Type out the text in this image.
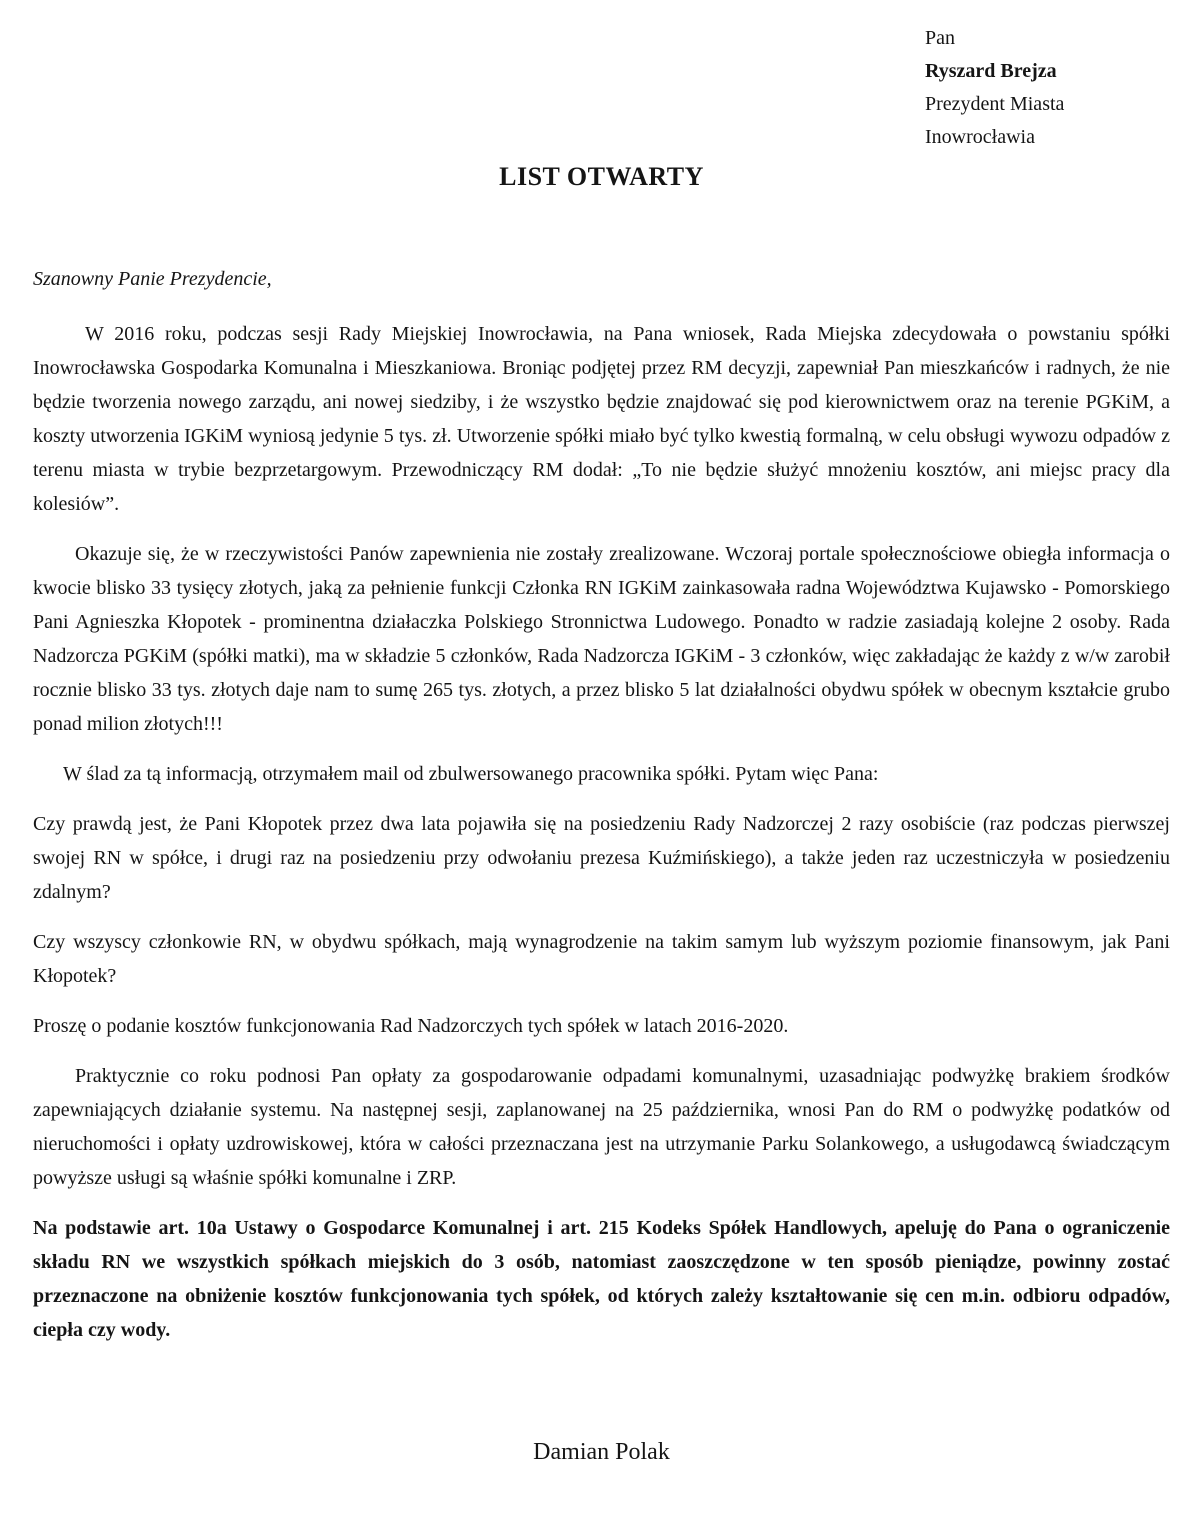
Pan
Ryszard Brejza
Prezydent Miasta
Inowrocławia
LIST OTWARTY
Szanowny Panie Prezydencie,

W 2016 roku, podczas sesji Rady Miejskiej Inowrocławia, na Pana wniosek, Rada Miejska zdecydowała o powstaniu spółki Inowrocławska Gospodarka Komunalna i Mieszkaniowa. Broniąc podjętej przez RM decyzji, zapewniał Pan mieszkańców i radnych, że nie będzie tworzenia nowego zarządu, ani nowej siedziby, i że wszystko będzie znajdować się pod kierownictwem oraz na terenie PGKiM, a koszty utworzenia IGKiM wyniosą jedynie 5 tys. zł. Utworzenie spółki miało być tylko kwestią formalną, w celu obsługi wywozu odpadów z terenu miasta w trybie bezprzetargowym. Przewodniczący RM dodał: „To nie będzie służyć mnożeniu kosztów, ani miejsc pracy dla kolesiów”.

Okazuje się, że w rzeczywistości Panów zapewnienia nie zostały zrealizowane. Wczoraj portale społecznościowe obiegła informacja o kwocie blisko 33 tysięcy złotych, jaką za pełnienie funkcji Członka RN IGKiM zainkasowała radna Województwa Kujawsko - Pomorskiego Pani Agnieszka Kłopotek - prominentna działaczka Polskiego Stronnictwa Ludowego. Ponadto w radzie zasiadają kolejne 2 osoby. Rada Nadzorcza PGKiM (spółki matki), ma w składzie 5 członków, Rada Nadzorcza IGKiM - 3 członków, więc zakładając że każdy z w/w zarobił rocznie blisko 33 tys. złotych daje nam to sumę 265 tys. złotych, a przez blisko 5 lat działalności obydwu spółek w obecnym kształcie grubo ponad milion złotych!!!

W ślad za tą informacją, otrzymałem mail od zbulwersowanego pracownika spółki. Pytam więc Pana:

Czy prawdą jest, że Pani Kłopotek przez dwa lata pojawiła się na posiedzeniu Rady Nadzorczej 2 razy osobiście (raz podczas pierwszej swojej RN w spółce, i drugi raz na posiedzeniu przy odwołaniu prezesa Kuźmińskiego), a także jeden raz uczestniczyła w posiedzeniu zdalnym?

Czy wszyscy członkowie RN, w obydwu spółkach, mają wynagrodzenie na takim samym lub wyższym poziomie finansowym, jak Pani Kłopotek?

Proszę o podanie kosztów funkcjonowania Rad Nadzorczych tych spółek w latach 2016-2020.

Praktycznie co roku podnosi Pan opłaty za gospodarowanie odpadami komunalnymi, uzasadniając podwyżkę brakiem środków zapewniających działanie systemu. Na następnej sesji, zaplanowanej na 25 października, wnosi Pan do RM o podwyżkę podatków od nieruchomości i opłaty uzdrowiskowej, która w całości przeznaczana jest na utrzymanie Parku Solankowego, a usługodawcą świadczącym powyższe usługi są właśnie spółki komunalne i ZRP.

Na podstawie art. 10a Ustawy o Gospodarce Komunalnej i art. 215 Kodeks Spółek Handlowych, apeluję do Pana o ograniczenie składu RN we wszystkich spółkach miejskich do 3 osób, natomiast zaoszczędzone w ten sposób pieniądze, powinny zostać przeznaczone na obniżenie kosztów funkcjonowania tych spółek, od których zależy kształtowanie się cen m.in. odbioru odpadów, ciepła czy wody.

Damian Polak
